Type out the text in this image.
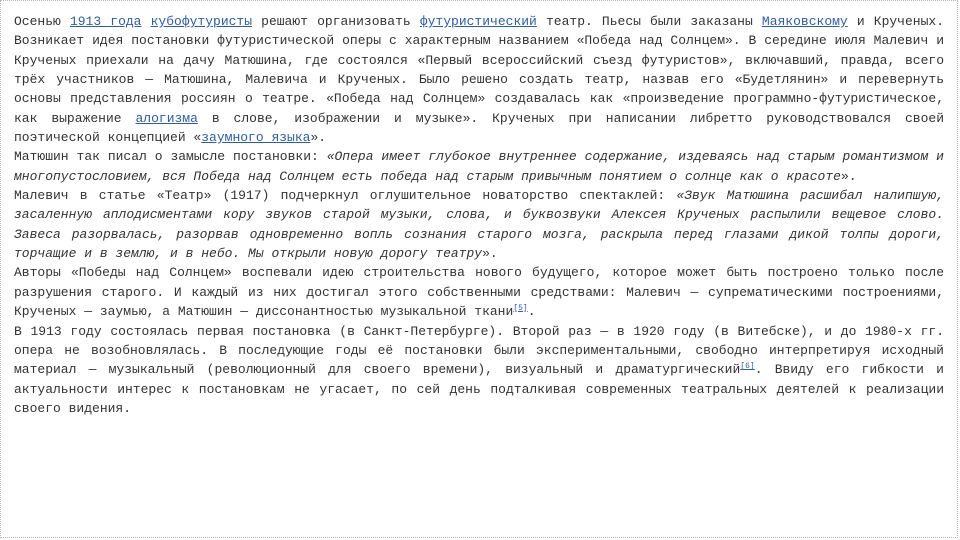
Осенью 1913 года кубофутуристы решают организовать футуристический театр. Пьесы были заказаны Маяковскому и Крученых. Возникает идея постановки футуристической оперы с характерным названием «Победа над Солнцем». В середине июля Малевич и Крученых приехали на дачу Матюшина, где состоялся «Первый всероссийский съезд футуристов», включавший, правда, всего трёх участников — Матюшина, Малевича и Крученых. Было решено создать театр, назвав его «Будетлянин» и перевернуть основы представления россиян о театре. «Победа над Солнцем» создавалась как «произведение программно-футуристическое, как выражение алогизма в слове, изображении и музыке». Крученых при написании либретто руководствовался своей поэтической концепцией «заумного языка».

Матюшин так писал о замысле постановки: «Опера имеет глубокое внутреннее содержание, издеваясь над старым романтизмом и многопустословием, вся Победа над Солнцем есть победа над старым привычным понятием о солнце как о красоте».

Малевич в статье «Театр» (1917) подчеркнул оглушительное новаторство спектаклей: «Звук Матюшина расшибал налипшую, засаленную аплодисментами кору звуков старой музыки, слова, и буквозвуки Алексея Крученых распылили вещевое слово. Завеса разорвалась, разорвав одновременно вопль сознания старого мозга, раскрыла перед глазами дикой толпы дороги, торчащие и в землю, и в небо. Мы открыли новую дорогу театру».

Авторы «Победы над Солнцем» воспевали идею строительства нового будущего, которое может быть построено только после разрушения старого. И каждый из них достигал этого собственными средствами: Малевич — супрематическими построениями, Крученых — заумью, а Матюшин — диссонантностью музыкальной ткани[5].

В 1913 году состоялась первая постановка (в Санкт-Петербурге). Второй раз — в 1920 году (в Витебске), и до 1980-х гг. опера не возобновлялась. В последующие годы её постановки были экспериментальными, свободно интерпретируя исходный материал — музыкальный (революционный для своего времени), визуальный и драматургический[6]. Ввиду его гибкости и актуальности интерес к постановкам не угасает, по сей день подталкивая современных театральных деятелей к реализации своего видения.
